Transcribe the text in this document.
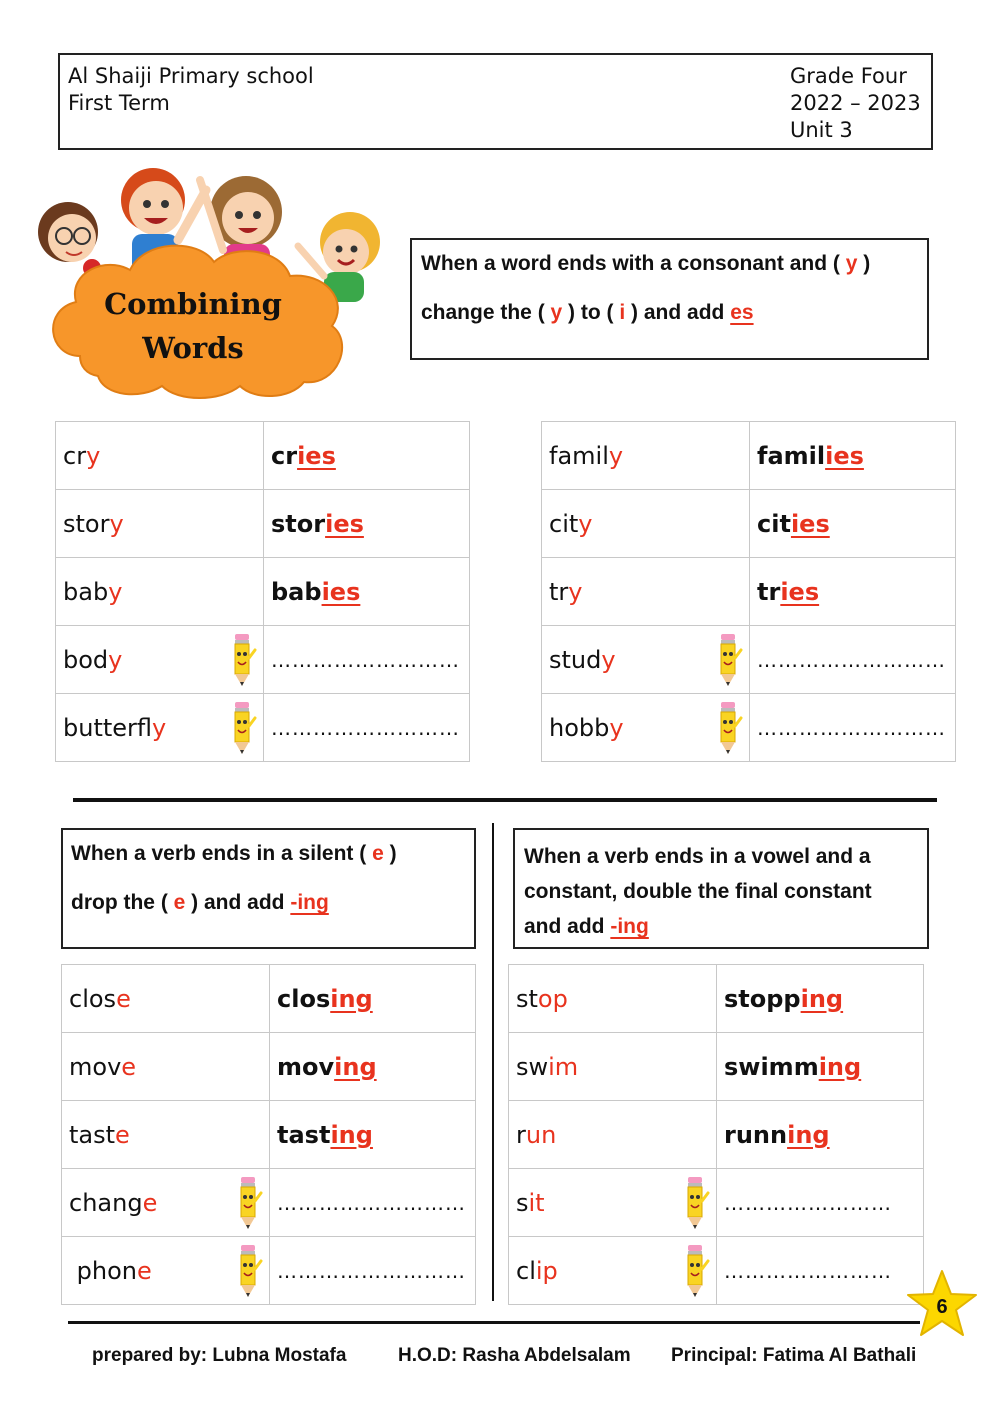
Al Shaiji Primary school
First Term
Grade Four
2022 – 2023
Unit 3
Combining
Words

When a word ends with a consonant and ( y )

change the ( y ) to ( i ) and add es

cry	cries
story	stories
baby	babies
body	………………………
butterfly	………………………
family	families
city	cities
try	tries
study	………………………
hobby	………………………

When a verb ends in a silent ( e )

drop the ( e ) and add -ing

When a verb ends in a vowel and a

constant, double the final constant

and add -ing

close	closing
move	moving
taste	tasting
change	………………………
phone	………………………
stop	stopping
swim	swimming
run	running
sit	……………………
clip	……………………
6
prepared by: Lubna Mostafa	H.O.D: Rasha Abdelsalam Principal: Fatima Al Bathali
